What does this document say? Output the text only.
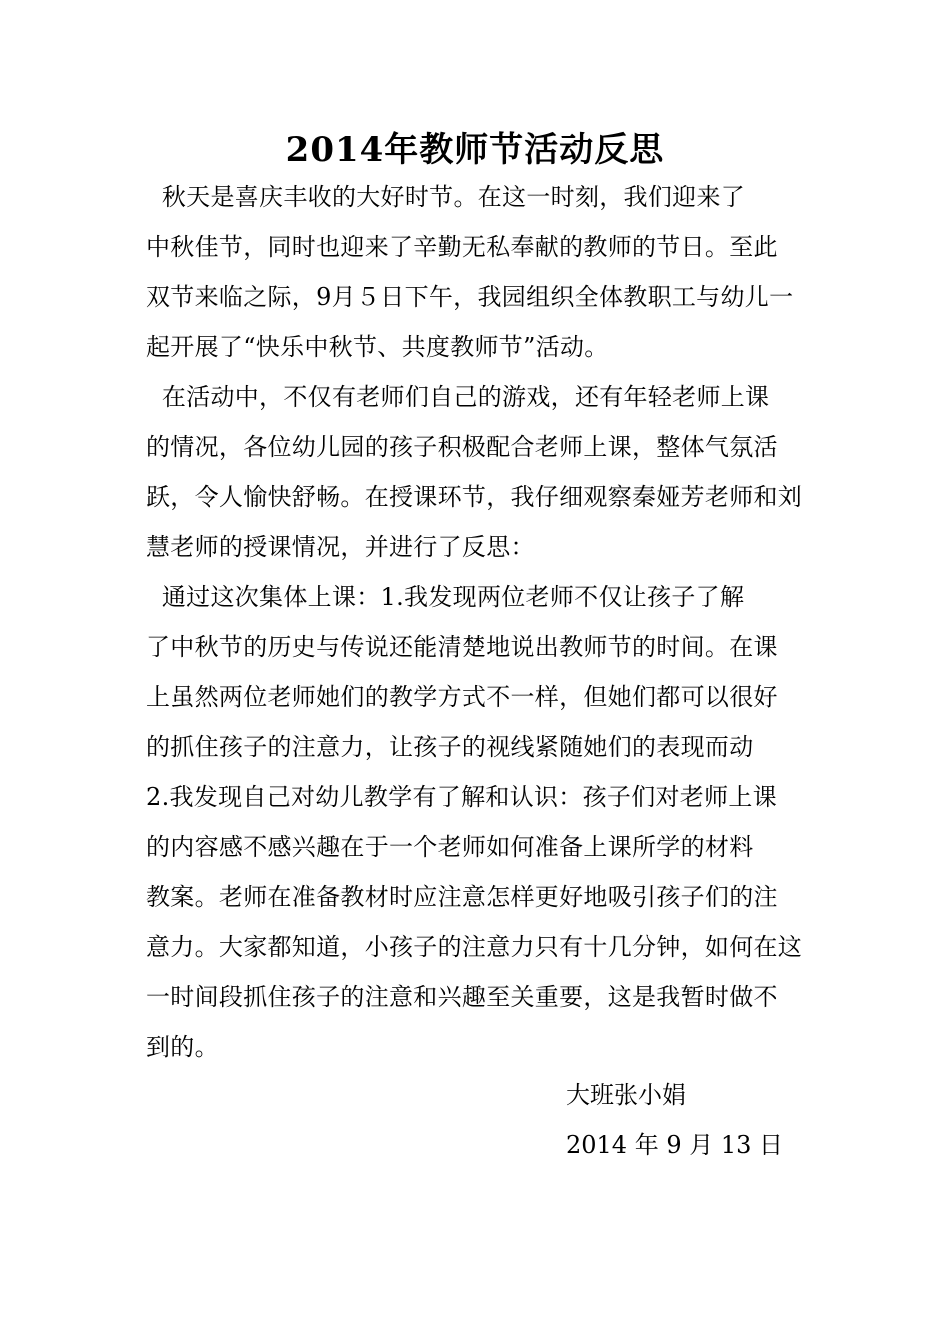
2014年教师节活动反思
秋天是喜庆丰收的大好时节。在这一时刻，我们迎来了
中秋佳节，同时也迎来了辛勤无私奉献的教师的节日。至此
双节来临之际，9月５日下午，我园组织全体教职工与幼儿一
起开展了“快乐中秋节、共度教师节”活动。
在活动中，不仅有老师们自己的游戏，还有年轻老师上课
的情况，各位幼儿园的孩子积极配合老师上课，整体气氛活
跃，令人愉快舒畅。在授课环节，我仔细观察秦娅芳老师和刘
慧老师的授课情况，并进行了反思：
通过这次集体上课：1.我发现两位老师不仅让孩子了解
了中秋节的历史与传说还能清楚地说出教师节的时间。在课
上虽然两位老师她们的教学方式不一样，但她们都可以很好
的抓住孩子的注意力，让孩子的视线紧随她们的表现而动
2.我发现自己对幼儿教学有了解和认识：孩子们对老师上课
的内容感不感兴趣在于一个老师如何准备上课所学的材料
教案。老师在准备教材时应注意怎样更好地吸引孩子们的注
意力。大家都知道，小孩子的注意力只有十几分钟，如何在这
一时间段抓住孩子的注意和兴趣至关重要，这是我暂时做不
到的。
大班张小娟
2014 年 9 月 13 日
